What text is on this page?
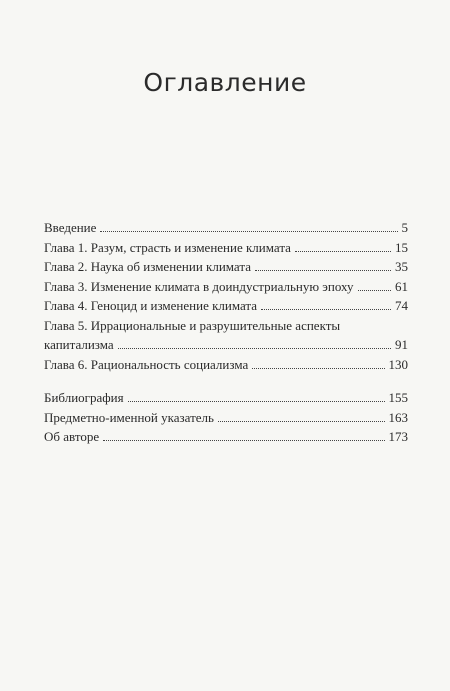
Оглавление
Введение	5
Глава 1. Разум, страсть и изменение климата	15
Глава 2. Наука об изменении климата	35
Глава 3. Изменение климата в доиндустриальную эпоху	61
Глава 4. Геноцид и изменение климата	74
Глава 5. Иррациональные и разрушительные аспекты
капитализма	91
Глава 6. Рациональность социализма	130
Библиография	155
Предметно-именной указатель	163
Об авторе	173
